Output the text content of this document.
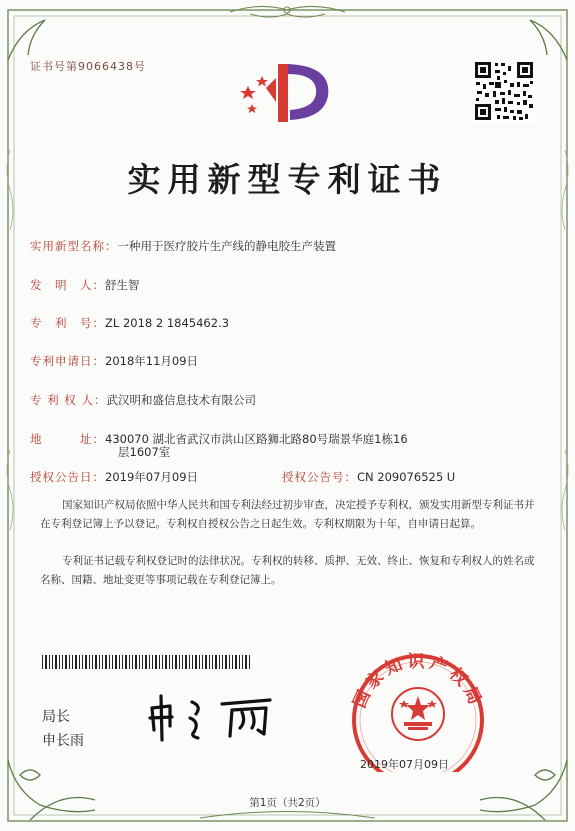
证书号第9066438号
实用新型专利证书
实用新型名称：一种用于医疗胶片生产线的静电胶生产装置
发　明　人：舒生智
专　利　号：ZL 2018 2 1845462.3
专利申请日：2018年11月09日
专 利 权 人：武汉明和盛信息技术有限公司
地　　　址：430070 湖北省武汉市洪山区路狮北路80号瑞景华庭1栋16
层1607室
授权公告日：2019年07月09日	授权公告号：CN 209076525 U
国家知识产权局依照中华人民共和国专利法经过初步审查，决定授予专利权，颁发实用新型专利证书并在专利登记簿上予以登记。专利权自授权公告之日起生效。专利权期限为十年，自申请日起算。
专利证书记载专利权登记时的法律状况。专利权的转移、质押、无效、终止、恢复和专利权人的姓名或名称、国籍、地址变更等事项记载在专利登记簿上。
局长
申长雨
国家知识产权局
2019年07月09日
第1页（共2页）
